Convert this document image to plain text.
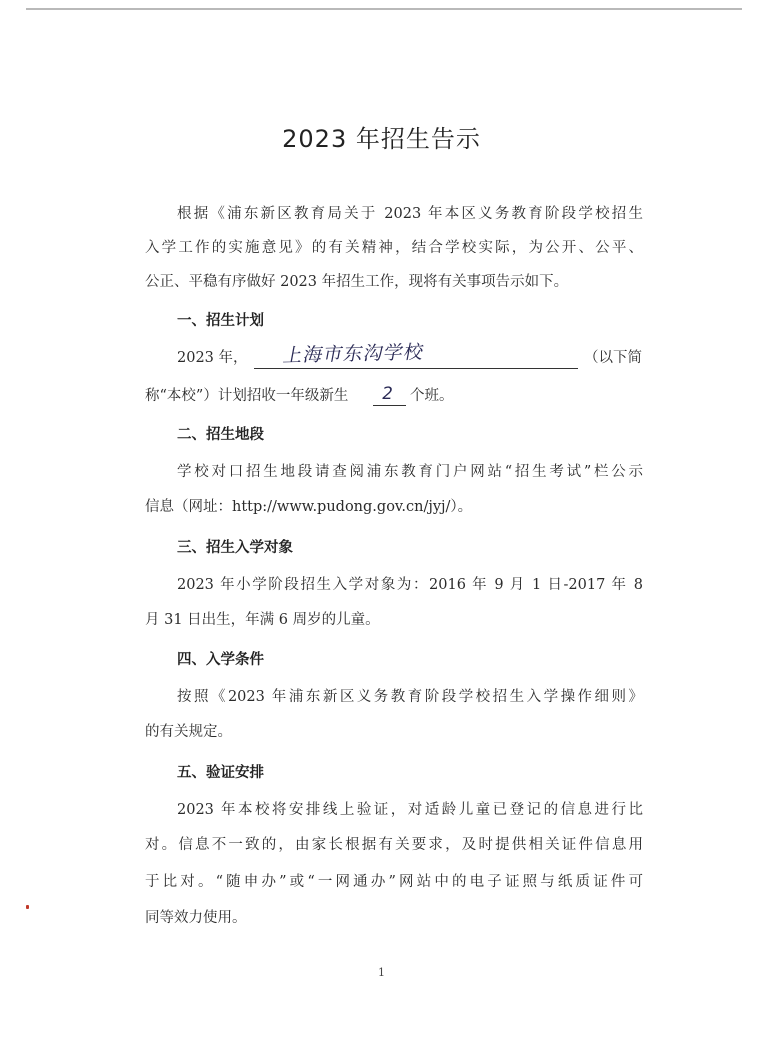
2023 年招生告示
根据《浦东新区教育局关于 2023 年本区义务教育阶段学校招生
入学工作的实施意见》的有关精神，结合学校实际，为公开、公平、
公正、平稳有序做好 2023 年招生工作，现将有关事项告示如下。
一、招生计划
2023 年， 上海市东沟学校	（以下简
称“本校”）计划招收一年级新生 2 个班。
二、招生地段
学校对口招生地段请查阅浦东教育门户网站“招生考试”栏公示
信息（网址：http://www.pudong.gov.cn/jyj/）。
三、招生入学对象
2023 年小学阶段招生入学对象为：2016 年 9 月 1 日-2017 年 8
月 31 日出生，年满 6 周岁的儿童。
四、入学条件
按照《2023 年浦东新区义务教育阶段学校招生入学操作细则》
的有关规定。
五、验证安排
2023 年本校将安排线上验证，对适龄儿童已登记的信息进行比
对。信息不一致的，由家长根据有关要求，及时提供相关证件信息用
于比对。“随申办”或“一网通办”网站中的电子证照与纸质证件可
同等效力使用。
1
